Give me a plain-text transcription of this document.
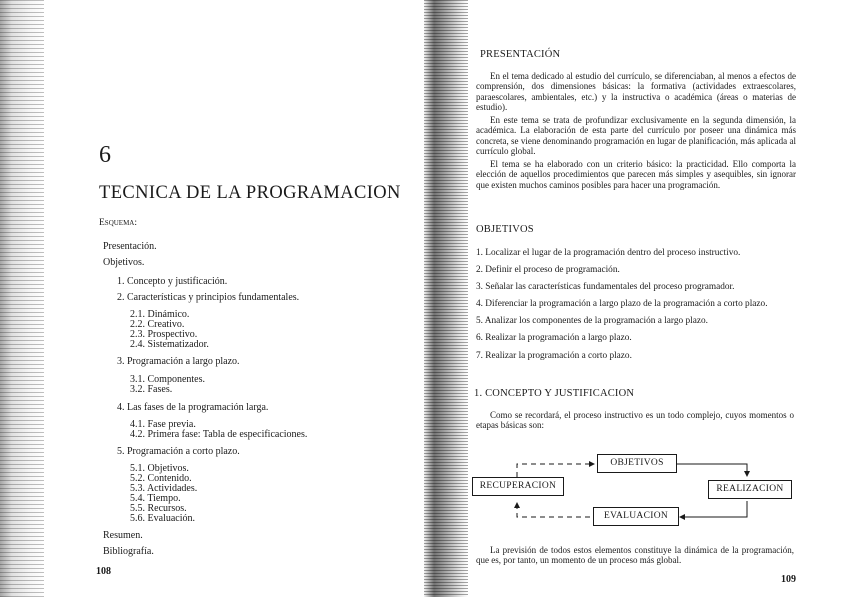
6
TECNICA DE LA PROGRAMACION
Esquema:
Presentación.
Objetivos.
1. Concepto y justificación.
2. Características y principios fundamentales.
2.1. Dinámico.
2.2. Creativo.
2.3. Prospectivo.
2.4. Sistematizador.
3. Programación a largo plazo.
3.1. Componentes.
3.2. Fases.
4. Las fases de la programación larga.
4.1. Fase previa.
4.2. Primera fase: Tabla de especificaciones.
5. Programación a corto plazo.
5.1. Objetivos.
5.2. Contenido.
5.3. Actividades.
5.4. Tiempo.
5.5. Recursos.
5.6. Evaluación.
Resumen.
Bibliografía.
108
PRESENTACIÓN

En el tema dedicado al estudio del currículo, se diferenciaban, al menos a efectos de comprensión, dos dimensiones básicas: la formativa (actividades extraescolares, paraescolares, ambientales, etc.) y la instructiva o académica (áreas o materias de estudio).

En este tema se trata de profundizar exclusivamente en la segunda dimensión, la académica. La elaboración de esta parte del currículo por poseer una dinámica más concreta, se viene denominando programación en lugar de planificación, más aplicada al currículo global.

El tema se ha elaborado con un criterio básico: la practicidad. Ello comporta la elección de aquellos procedimientos que parecen más simples y asequibles, sin ignorar que existen muchos caminos posibles para hacer una programación.

OBJETIVOS
1. Localizar el lugar de la programación dentro del proceso instructivo.
2. Definir el proceso de programación.
3. Señalar las características fundamentales del proceso programador.
4. Diferenciar la programación a largo plazo de la programación a corto plazo.
5. Analizar los componentes de la programación a largo plazo.
6. Realizar la programación a largo plazo.
7. Realizar la programación a corto plazo.
1. CONCEPTO Y JUSTIFICACION

Como se recordará, el proceso instructivo es un todo complejo, cuyos momentos o etapas básicas son:

OBJETIVOS
RECUPERACION	REALIZACION
EVALUACION

La previsión de todos estos elementos constituye la dinámica de la programación, que es, por tanto, un momento de un proceso más global.

109
